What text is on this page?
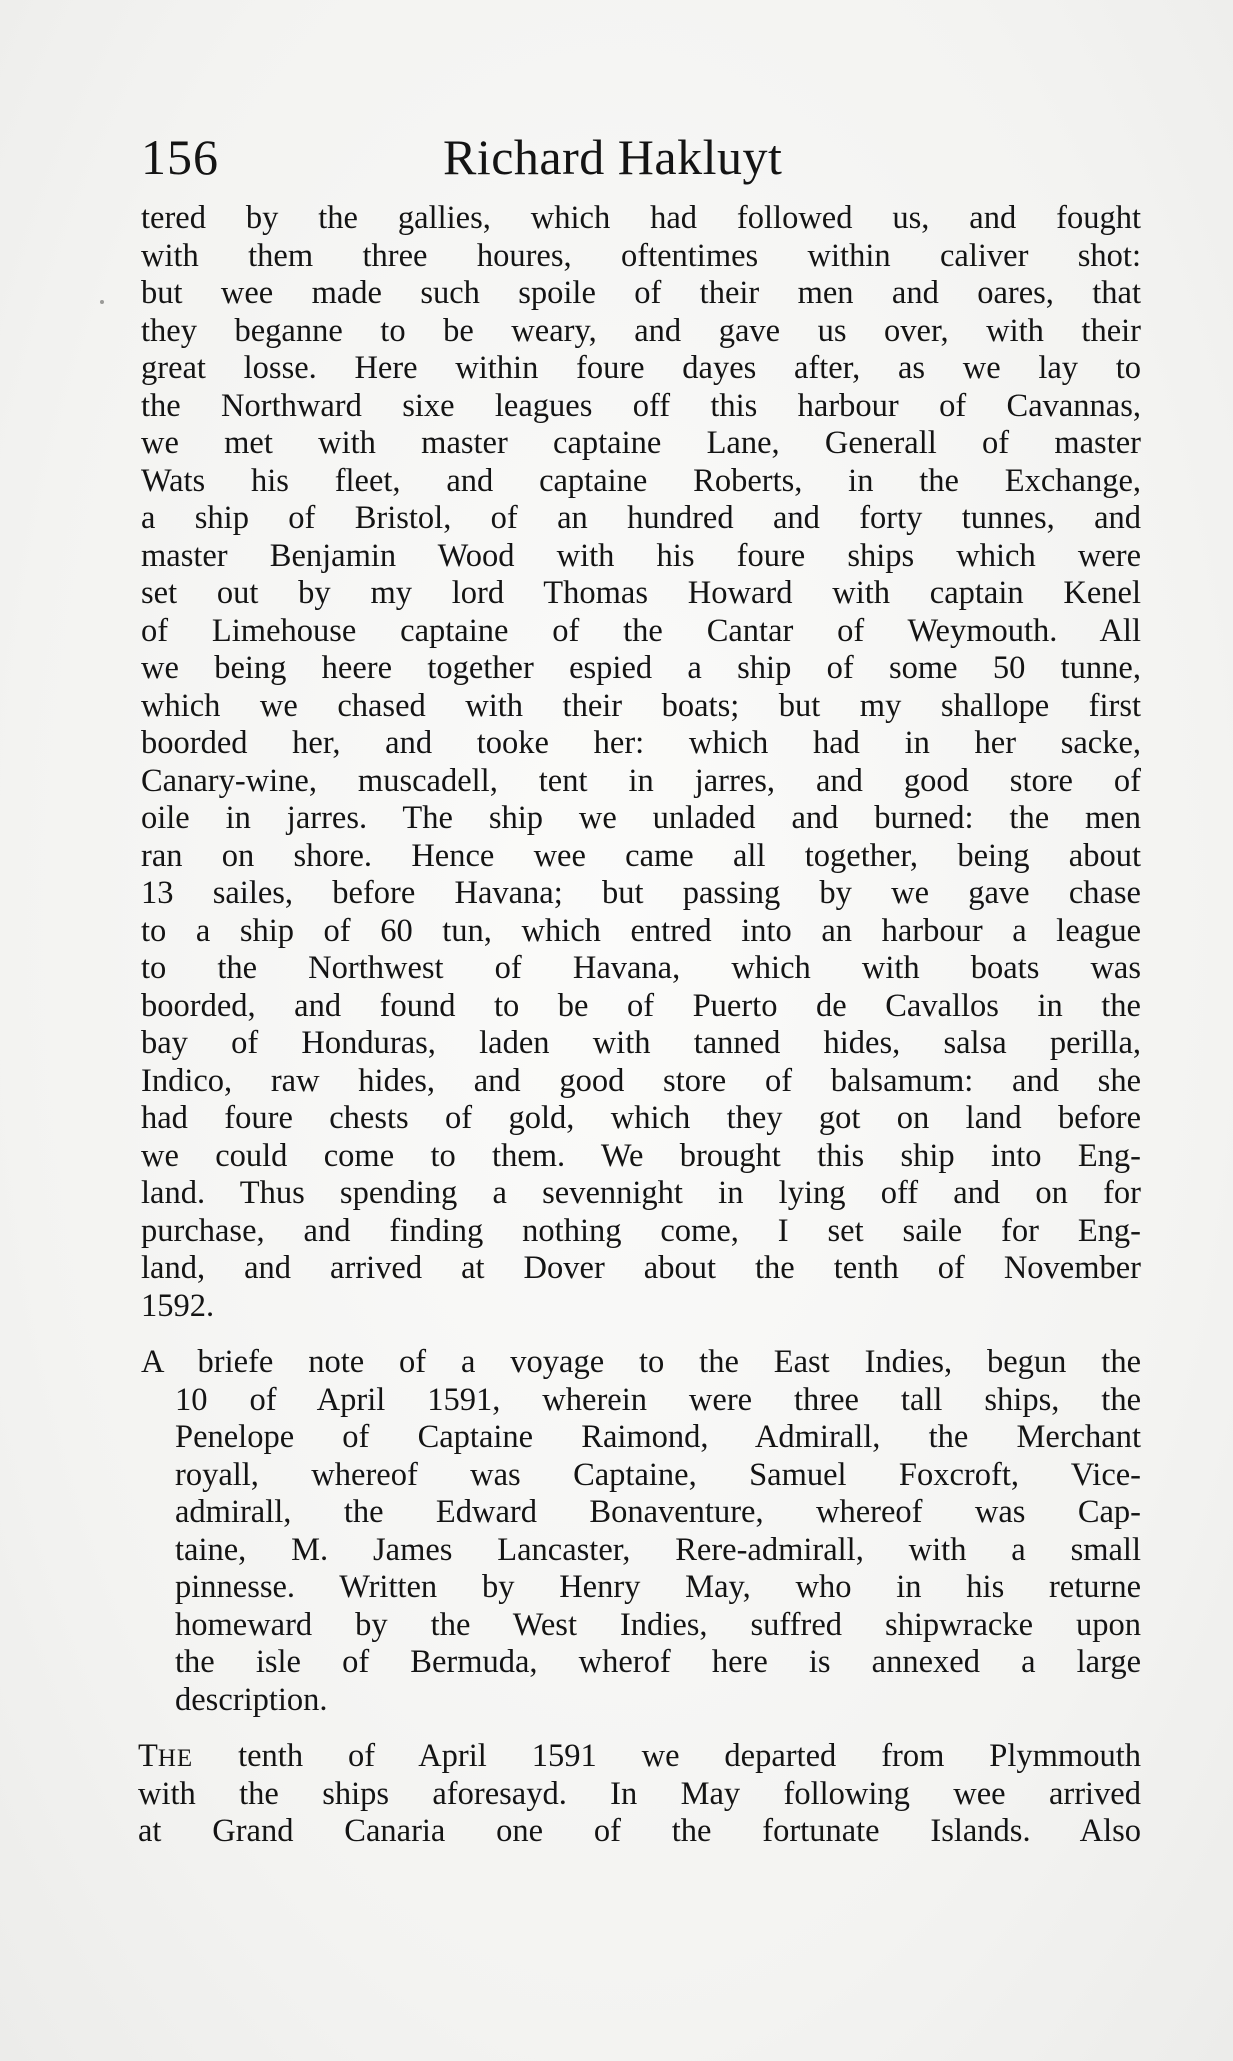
156	Richard Hakluyt
tered by the gallies, which had followed us, and fought
with them three houres, oftentimes within caliver shot:
but wee made such spoile of their men and oares, that
they beganne to be weary, and gave us over, with their
great losse. Here within foure dayes after, as we lay to
the Northward sixe leagues off this harbour of Cavannas,
we met with master captaine Lane, Generall of master
Wats his fleet, and captaine Roberts, in the Exchange,
a ship of Bristol, of an hundred and forty tunnes, and
master Benjamin Wood with his foure ships which were
set out by my lord Thomas Howard with captain Kenel
of Limehouse captaine of the Cantar of Weymouth. All
we being heere together espied a ship of some 50 tunne,
which we chased with their boats; but my shallope first
boorded her, and tooke her: which had in her sacke,
Canary-wine, muscadell, tent in jarres, and good store of
oile in jarres. The ship we unladed and burned: the men
ran on shore. Hence wee came all together, being about
13 sailes, before Havana; but passing by we gave chase
to a ship of 60 tun, which entred into an harbour a league
to the Northwest of Havana, which with boats was
boorded, and found to be of Puerto de Cavallos in the
bay of Honduras, laden with tanned hides, salsa perilla,
Indico, raw hides, and good store of balsamum: and she
had foure chests of gold, which they got on land before
we could come to them. We brought this ship into Eng-
land. Thus spending a sevennight in lying off and on for
purchase, and finding nothing come, I set saile for Eng-
land, and arrived at Dover about the tenth of November
1592.
A briefe note of a voyage to the East Indies, begun the
10 of April 1591, wherein were three tall ships, the
Penelope of Captaine Raimond, Admirall, the Merchant
royall, whereof was Captaine, Samuel Foxcroft, Vice-
admirall, the Edward Bonaventure, whereof was Cap-
taine, M. James Lancaster, Rere-admirall, with a small
pinnesse. Written by Henry May, who in his returne
homeward by the West Indies, suffred shipwracke upon
the isle of Bermuda, wherof here is annexed a large
description.
THE tenth of April 1591 we departed from Plymmouth
with the ships aforesayd. In May following wee arrived
at Grand Canaria one of the fortunate Islands. Also
